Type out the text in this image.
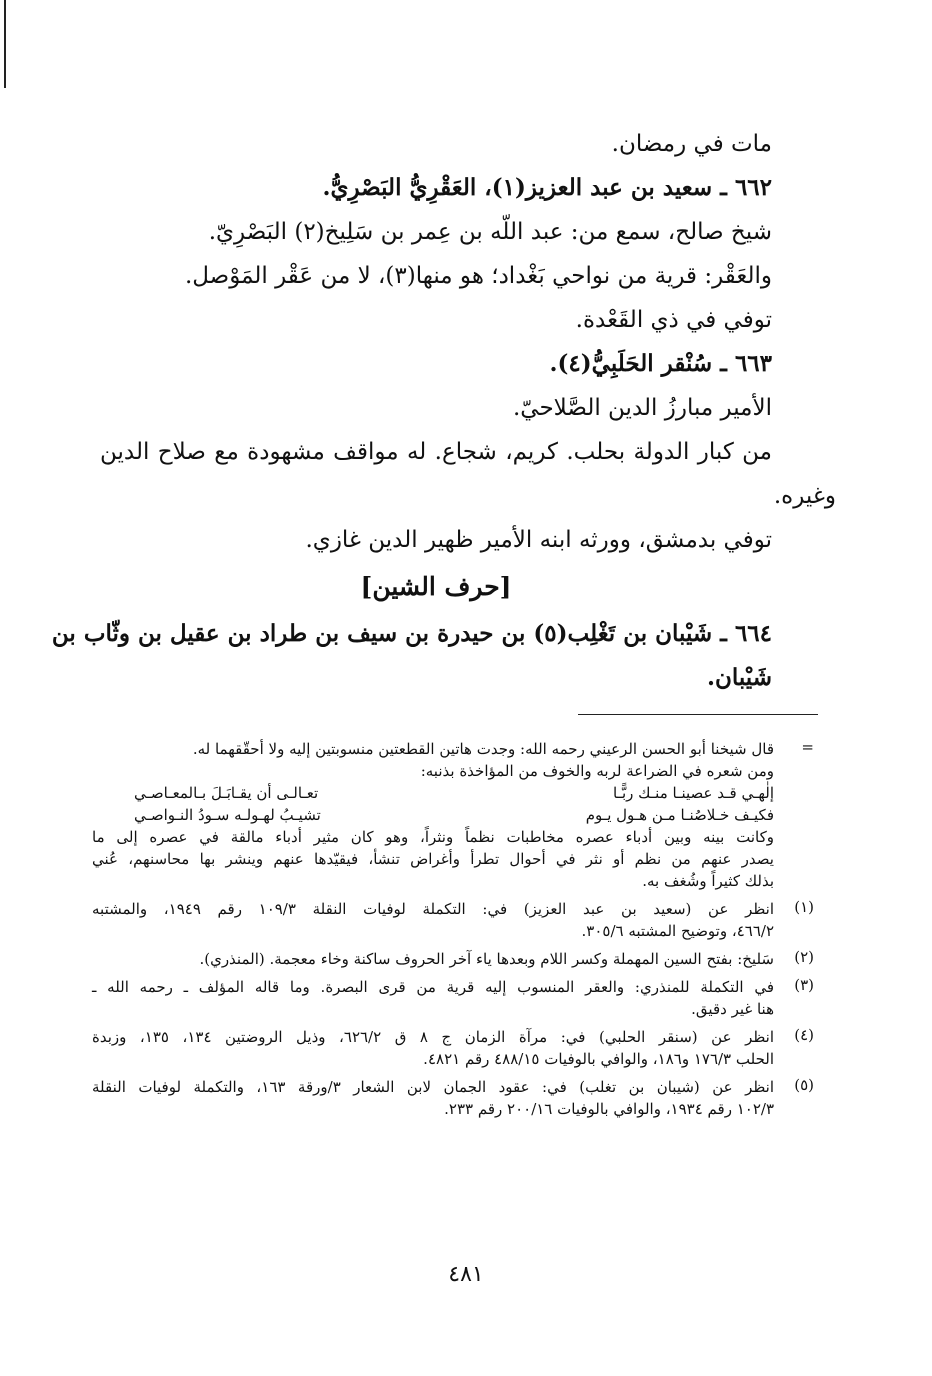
مات في رمضان.
٦٦٢ ـ سعيد بن عبد العزيز(١)، العَقْرِيُّ البَصْرِيُّ.
شيخ صالح، سمع من: عبد اللّه بن عِمر بن سَلِيخ(٢) البَصْرِيّ.
والعَقْر: قرية من نواحي بَغْداد؛ هو منها(٣)، لا من عَقْر المَوْصل.
توفي في ذي القَعْدة.
٦٦٣ ـ سُنْقر الحَلَبِيُّ(٤).
الأمير مبارزُ الدين الصَّلاحيّ.
من كبار الدولة بحلب. كريم، شجاع. له مواقف مشهودة مع صلاح الدين
توفي بدمشق، وورثه ابنه الأمير ظهير الدين غازي.
[حرف الشين]
٦٦٤ ـ شَيْبان بن تَغْلِب(٥) بن حيدرة بن سيف بن طراد بن عقيل بن وثّاب بن
شَيْبان.
وغيره.
=
قال شيخنا أبو الحسن الرعيني رحمه الله: وجدت هاتين القطعتين منسوبتين إليه ولا أحقّقهما له.
ومن شعره في الضراعة لربه والخوف من المؤاخذة بذنبه:
إلٰهـي قـد عصينـا منـك ربًّـا
تعـالـى أن يقـابَـلَ بـالمعـاصـي
فكيـف خـلاصُنـا مـن هـول يـوم
تشيـبُ لهـولـه سـودُ النـواصـي
وكانت بينه وبين أدباء عصره مخاطبات نظماً ونثراً، وهو كان مثير أدباء مالقة في عصره إلى ما
يصدر عنهم من نظم أو نثر في أحوال تطرأ وأغراض تنشأ، فيقيّدها عنهم وينشر بها محاسنهم، عُني
بذلك كثيراً وشُغف به.
(١)
انظر عن (سعيد بن عبد العزيز) في: التكملة لوفيات النقلة ١٠٩/٣ رقم ١٩٤٩، والمشتبه
٤٦٦/٢، وتوضيح المشتبه ٣٠٥/٦.
(٢)
سَليخ: بفتح السين المهملة وكسر اللام وبعدها ياء آخر الحروف ساكنة وخاء معجمة. (المنذري).
(٣)
في التكملة للمنذري: والعقر المنسوب إليه قرية من قرى البصرة. وما قاله المؤلف ـ رحمه الله ـ
هنا غير دقيق.
(٤)
انظر عن (سنقر الحلبي) في: مرآة الزمان ج ٨ ق ٦٢٦/٢، وذيل الروضتين ١٣٤، ١٣٥، وزبدة
الحلب ١٧٦/٣ و١٨٦، والوافي بالوفيات ٤٨٨/١٥ رقم ٤٨٢١.
(٥)
انظر عن (شيبان بن تغلب) في: عقود الجمان لابن الشعار ٣/ورقة ١٦٣، والتكملة لوفيات النقلة
١٠٢/٣ رقم ١٩٣٤، والوافي بالوفيات ٢٠٠/١٦ رقم ٢٣٣.
٤٨١
